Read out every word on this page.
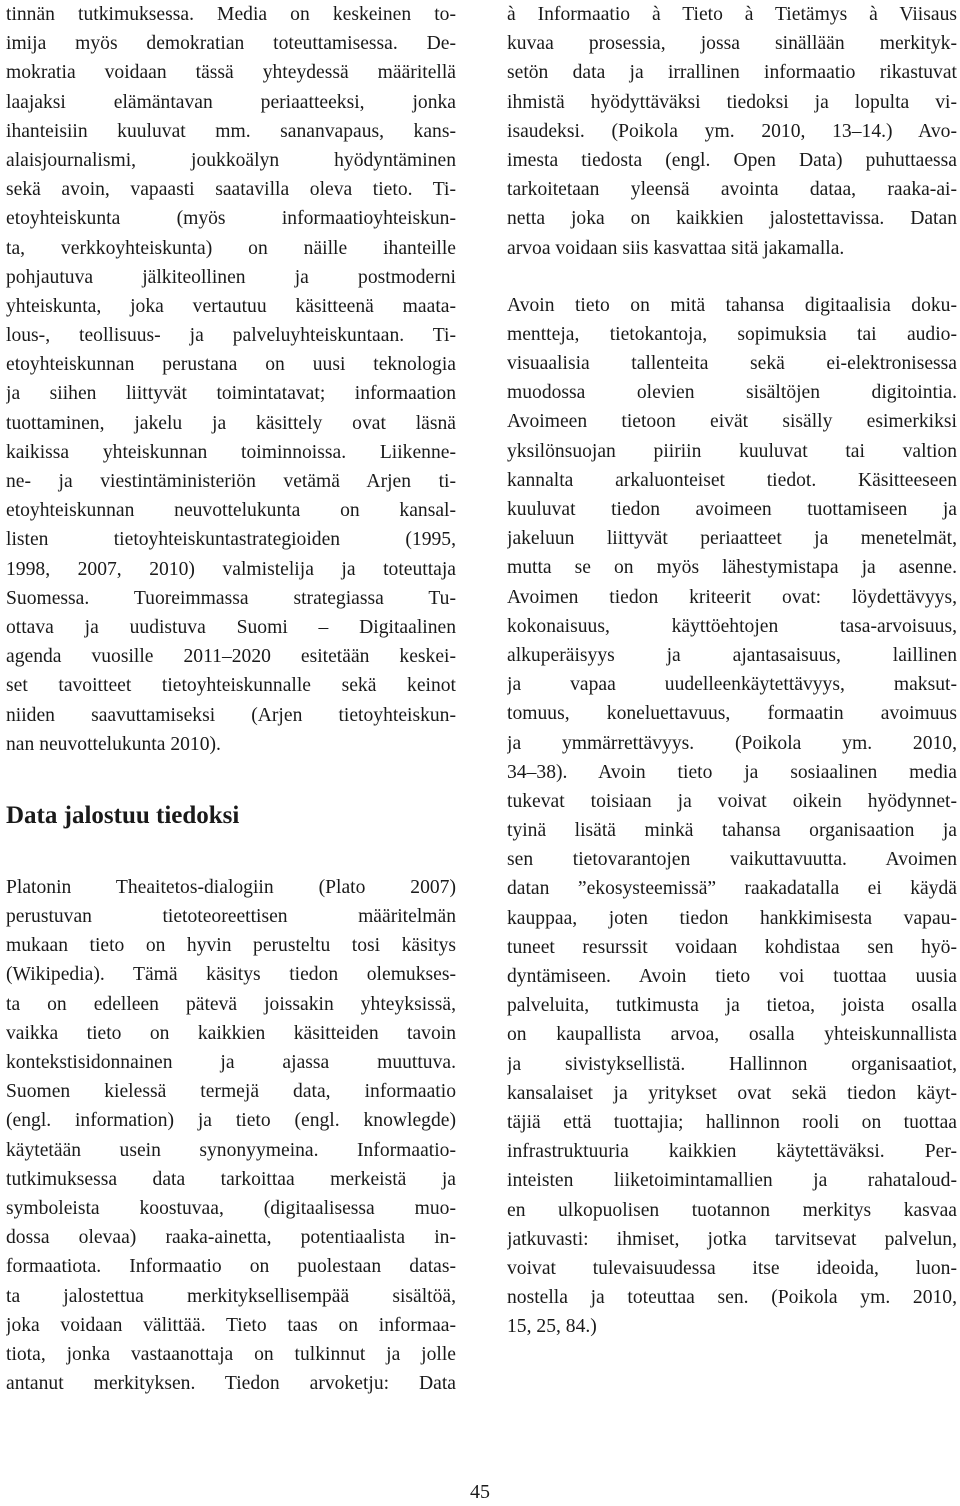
tinnän tutkimuksessa. Media on keskeinen to-
imija myös demokratian toteuttamisessa. De-
mokratia voidaan tässä yhteydessä määritellä
laajaksi elämäntavan periaatteeksi, jonka
ihanteisiin kuuluvat mm. sananvapaus, kans-
alaisjournalismi, joukkoälyn hyödyntäminen
sekä avoin, vapaasti saatavilla oleva tieto. Ti-
etoyhteiskunta (myös informaatioyhteiskun-
ta, verkkoyhteiskunta) on näille ihanteille
pohjautuva jälkiteollinen ja postmoderni
yhteiskunta, joka vertautuu käsitteenä maata-
lous-, teollisuus- ja palveluyhteiskuntaan. Ti-
etoyhteiskunnan perustana on uusi teknologia
ja siihen liittyvät toimintatavat; informaation
tuottaminen, jakelu ja käsittely ovat läsnä
kaikissa yhteiskunnan toiminnoissa. Liikenne-
ne- ja viestintäministeriön vetämä Arjen ti-
etoyhteiskunnan neuvottelukunta on kansal-
listen tietoyhteiskuntastrategioiden (1995,
1998, 2007, 2010) valmistelija ja toteuttaja
Suomessa. Tuoreimmassa strategiassa Tu-
ottava ja uudistuva Suomi – Digitaalinen
agenda vuosille 2011–2020 esitetään keskei-
set tavoitteet tietoyhteiskunnalle sekä keinot
niiden saavuttamiseksi (Arjen tietoyhteiskun-
nan neuvottelukunta 2010).
Data jalostuu tiedoksi
Platonin Theaitetos-dialogiin (Plato 2007)
perustuvan tietoteoreettisen määritelmän
mukaan tieto on hyvin perusteltu tosi käsitys
(Wikipedia). Tämä käsitys tiedon olemukses-
ta on edelleen pätevä joissakin yhteyksissä,
vaikka tieto on kaikkien käsitteiden tavoin
kontekstisidonnainen ja ajassa muuttuva.
Suomen kielessä termejä data, informaatio
(engl. information) ja tieto (engl. knowlegde)
käytetään usein synonyymeina. Informaatio-
tutkimuksessa data tarkoittaa merkeistä ja
symboleista koostuvaa, (digitaalisessa muo-
dossa olevaa) raaka-ainetta, potentiaalista in-
formaatiota. Informaatio on puolestaan datas-
ta jalostettua merkityksellisempää sisältöä,
joka voidaan välittää. Tieto taas on informaa-
tiota, jonka vastaanottaja on tulkinnut ja jolle
antanut merkityksen. Tiedon arvoketju: Data
à Informaatio à Tieto à Tietämys à Viisaus
kuvaa prosessia, jossa sinällään merkityk-
setön data ja irrallinen informaatio rikastuvat
ihmistä hyödyttäväksi tiedoksi ja lopulta vi-
isaudeksi. (Poikola ym. 2010, 13–14.) Avo-
imesta tiedosta (engl. Open Data) puhuttaessa
tarkoitetaan yleensä avointa dataa, raaka-ai-
netta joka on kaikkien jalostettavissa. Datan
arvoa voidaan siis kasvattaa sitä jakamalla.
Avoin tieto on mitä tahansa digitaalisia doku-
mentteja, tietokantoja, sopimuksia tai audio-
visuaalisia tallenteita sekä ei-elektronisessa
muodossa olevien sisältöjen digitointia.
Avoimeen tietoon eivät sisälly esimerkiksi
yksilönsuojan piiriin kuuluvat tai valtion
kannalta arkaluonteiset tiedot. Käsitteeseen
kuuluvat tiedon avoimeen tuottamiseen ja
jakeluun liittyvät periaatteet ja menetelmät,
mutta se on myös lähestymistapa ja asenne.
Avoimen tiedon kriteerit ovat: löydettävyys,
kokonaisuus, käyttöehtojen tasa-arvoisuus,
alkuperäisyys ja ajantasaisuus, laillinen
ja vapaa uudelleenkäytettävyys, maksut-
tomuus, koneluettavuus, formaatin avoimuus
ja ymmärrettävyys. (Poikola ym. 2010,
34–38). Avoin tieto ja sosiaalinen media
tukevat toisiaan ja voivat oikein hyödynnet-
tyinä lisätä minkä tahansa organisaation ja
sen tietovarantojen vaikuttavuutta. Avoimen
datan ”ekosysteemissä” raakadatalla ei käydä
kauppaa, joten tiedon hankkimisesta vapau-
tuneet resurssit voidaan kohdistaa sen hyö-
dyntämiseen. Avoin tieto voi tuottaa uusia
palveluita, tutkimusta ja tietoa, joista osalla
on kaupallista arvoa, osalla yhteiskunnallista
ja sivistyksellistä. Hallinnon organisaatiot,
kansalaiset ja yritykset ovat sekä tiedon käyt-
täjiä että tuottajia; hallinnon rooli on tuottaa
infrastruktuuria kaikkien käytettäväksi. Per-
inteisten liiketoimintamallien ja rahataloud-
en ulkopuolisen tuotannon merkitys kasvaa
jatkuvasti: ihmiset, jotka tarvitsevat palvelun,
voivat tulevaisuudessa itse ideoida, luon-
nostella ja toteuttaa sen. (Poikola ym. 2010,
15, 25, 84.)
45
